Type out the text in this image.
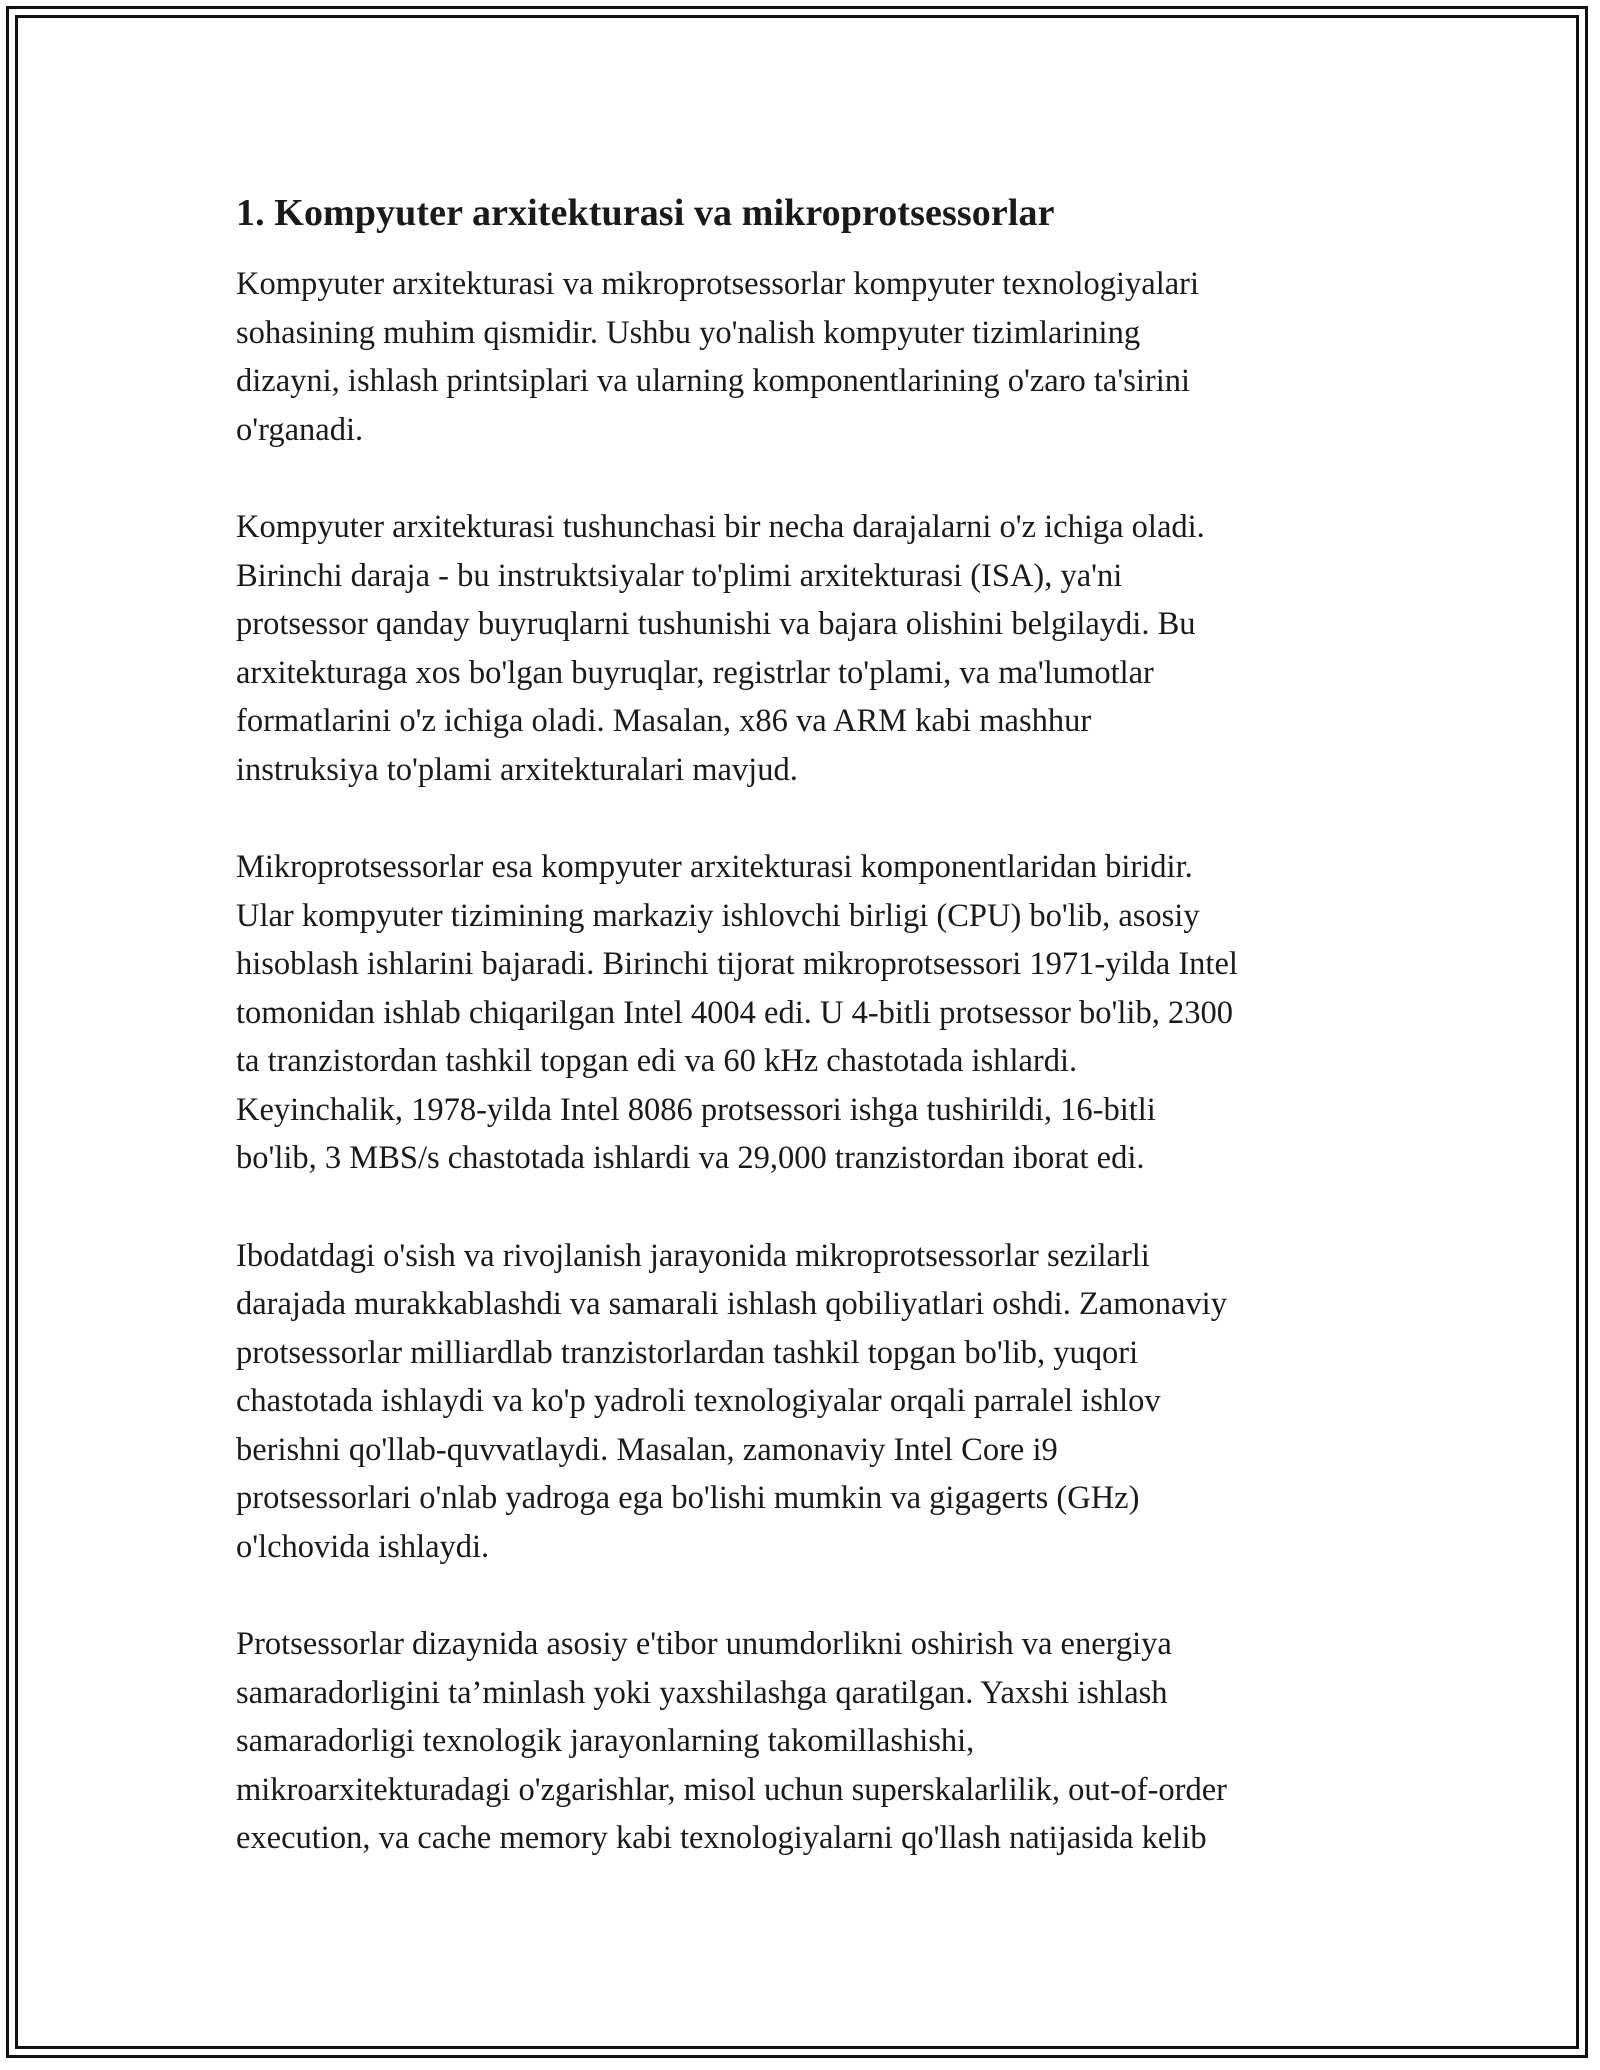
1. Kompyuter arxitekturasi va mikroprotsessorlar

Kompyuter arxitekturasi va mikroprotsessorlar kompyuter texnologiyalari
sohasining muhim qismidir. Ushbu yo'nalish kompyuter tizimlarining
dizayni, ishlash printsiplari va ularning komponentlarining o'zaro ta'sirini
o'rganadi.

Kompyuter arxitekturasi tushunchasi bir necha darajalarni o'z ichiga oladi.
Birinchi daraja - bu instruktsiyalar to'plimi arxitekturasi (ISA), ya'ni
protsessor qanday buyruqlarni tushunishi va bajara olishini belgilaydi. Bu
arxitekturaga xos bo'lgan buyruqlar, registrlar to'plami, va ma'lumotlar
formatlarini o'z ichiga oladi. Masalan, x86 va ARM kabi mashhur
instruksiya to'plami arxitekturalari mavjud.

Mikroprotsessorlar esa kompyuter arxitekturasi komponentlaridan biridir.
Ular kompyuter tizimining markaziy ishlovchi birligi (CPU) bo'lib, asosiy
hisoblash ishlarini bajaradi. Birinchi tijorat mikroprotsessori 1971-yilda Intel
tomonidan ishlab chiqarilgan Intel 4004 edi. U 4-bitli protsessor bo'lib, 2300
ta tranzistordan tashkil topgan edi va 60 kHz chastotada ishlardi.
Keyinchalik, 1978-yilda Intel 8086 protsessori ishga tushirildi, 16-bitli
bo'lib, 3 MBS/s chastotada ishlardi va 29,000 tranzistordan iborat edi.

Ibodatdagi o'sish va rivojlanish jarayonida mikroprotsessorlar sezilarli
darajada murakkablashdi va samarali ishlash qobiliyatlari oshdi. Zamonaviy
protsessorlar milliardlab tranzistorlardan tashkil topgan bo'lib, yuqori
chastotada ishlaydi va ko'p yadroli texnologiyalar orqali parralel ishlov
berishni qo'llab-quvvatlaydi. Masalan, zamonaviy Intel Core i9
protsessorlari o'nlab yadroga ega bo'lishi mumkin va gigagerts (GHz)
o'lchovida ishlaydi.

Protsessorlar dizaynida asosiy e'tibor unumdorlikni oshirish va energiya
samaradorligini ta’minlash yoki yaxshilashga qaratilgan. Yaxshi ishlash
samaradorligi texnologik jarayonlarning takomillashishi,
mikroarxitekturadagi o'zgarishlar, misol uchun superskalarlilik, out-of-order
execution, va cache memory kabi texnologiyalarni qo'llash natijasida kelib
